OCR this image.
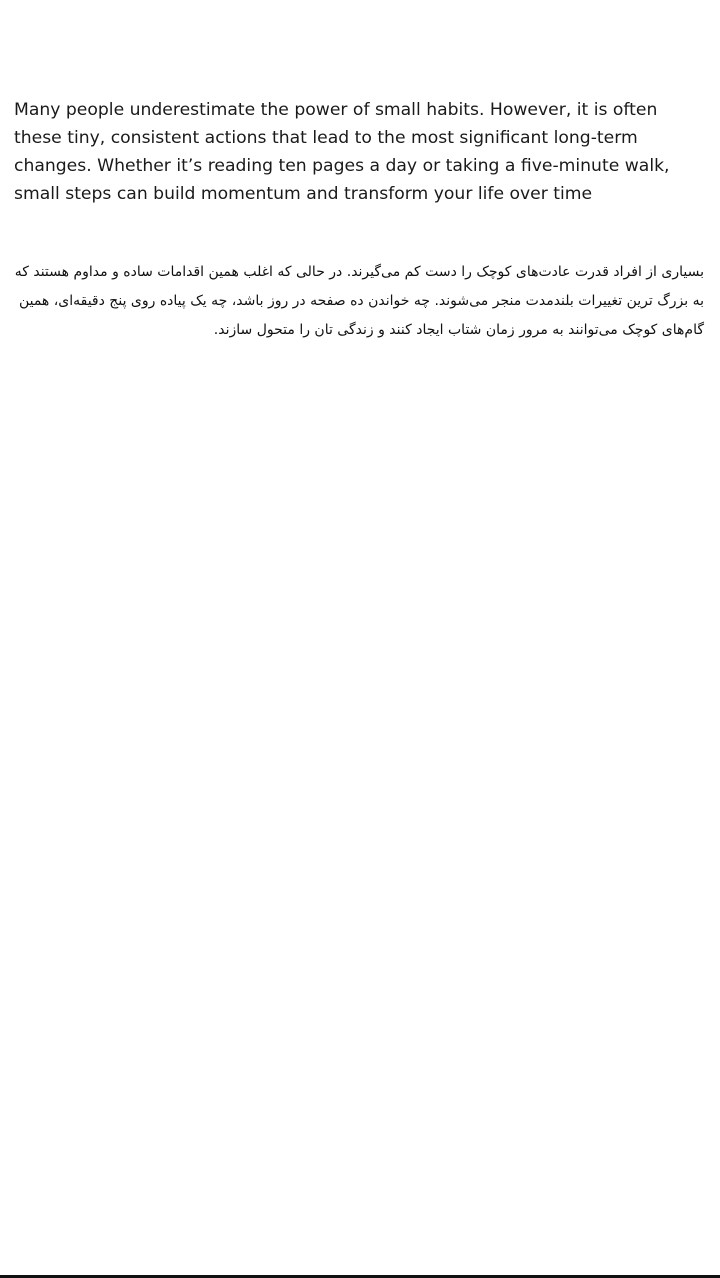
Many people underestimate the power of small habits. However, it is often these tiny, consistent actions that lead to the most significant long-term changes. Whether it’s reading ten pages a day or taking a five-minute walk, small steps can build momentum and transform your life over time

بسیاری از افراد قدرت عادت‌های کوچک را دست کم می‌گیرند. در حالی که اغلب همین اقدامات ساده و مداوم هستند که به بزرگ ترین تغییرات بلندمدت منجر می‌شوند. چه خواندن ده صفحه در روز باشد، چه یک پیاده روی پنج دقیقه‌ای، همین گام‌های کوچک می‌توانند به مرور زمان شتاب ایجاد کنند و زندگی تان را متحول سازند.
